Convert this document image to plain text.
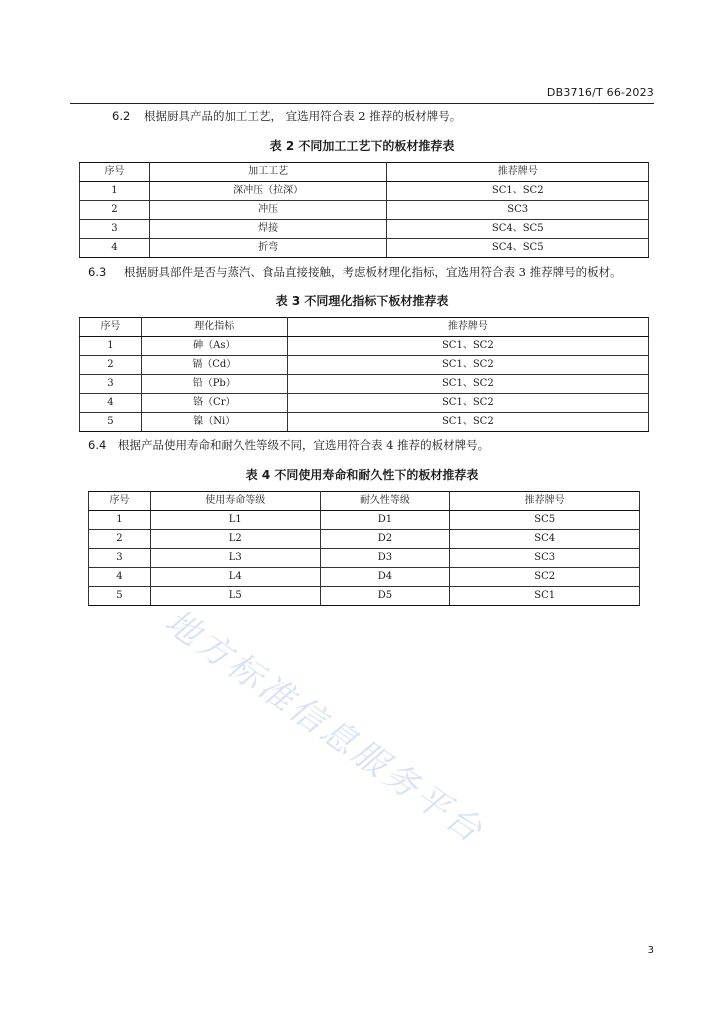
DB3716/T 66-2023
6.2 根据厨具产品的加工工艺， 宜选用符合表 2 推荐的板材牌号。
表 2 不同加工工艺下的板材推荐表
序号	加工工艺	推荐牌号
1	深冲压（拉深）	SC1、SC2
2	冲压	SC3
3	焊接	SC4、SC5
4	折弯	SC4、SC5
6.3 根据厨具部件是否与蒸汽、食品直接接触，考虑板材理化指标，宜选用符合表 3 推荐牌号的板材。
表 3 不同理化指标下板材推荐表
序号	理化指标	推荐牌号
1	砷（As）	SC1、SC2
2	镉（Cd）	SC1、SC2
3	铅（Pb）	SC1、SC2
4	铬（Cr）	SC1、SC2
5	镍（Ni）	SC1、SC2
6.4 根据产品使用寿命和耐久性等级不同，宜选用符合表 4 推荐的板材牌号。
表 4 不同使用寿命和耐久性下的板材推荐表
序号	使用寿命等级	耐久性等级	推荐牌号
1	L1	D1	SC5
2	L2	D2	SC4
3	L3	D3	SC3
4	L4	D4	SC2
5	L5	D5	SC1
地方标准信息服务平台
3
